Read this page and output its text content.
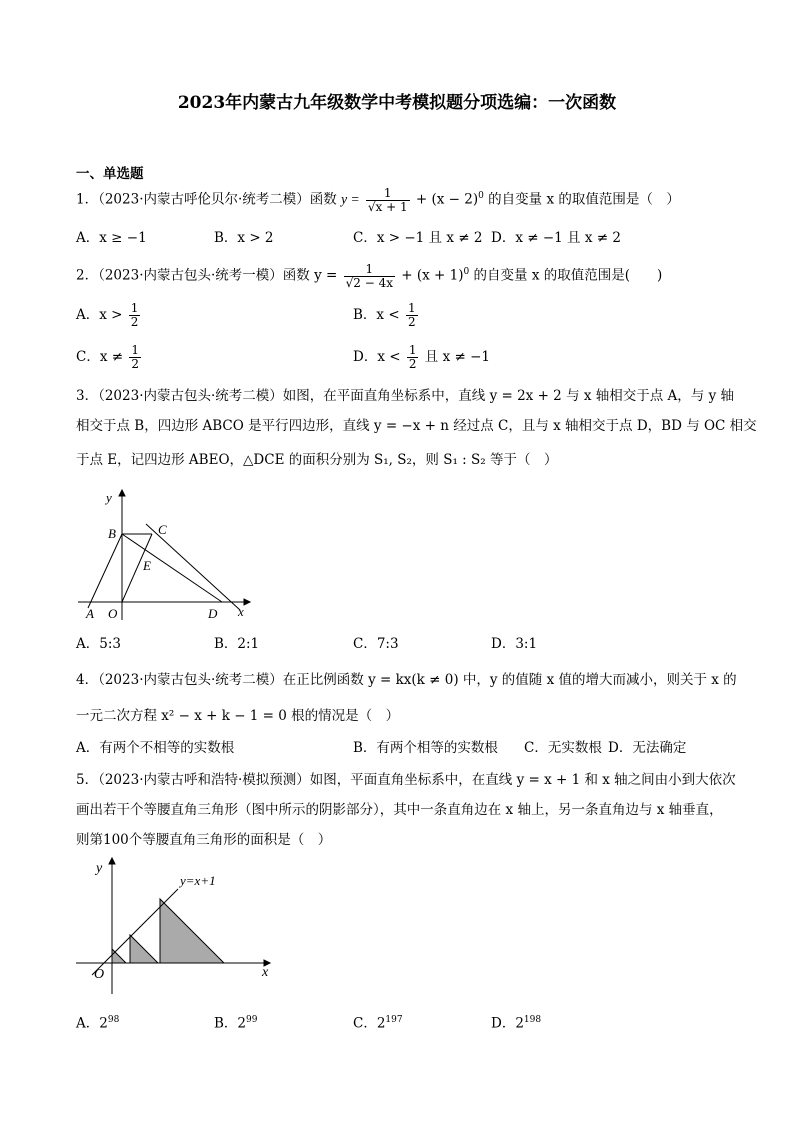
2023年内蒙古九年级数学中考模拟题分项选编：一次函数
一、单选题
1．（2023·内蒙古呼伦贝尔·统考二模）函数 $y = \frac{1}{√x + 1} + (x - 2)^0$ 的自变量 x 的取值范围是（　）
A．x ≥ −1	B．x > 2	C．x > −1 且 x ≠ 2 D．x ≠ −1 且 x ≠ 2
2．（2023·内蒙古包头·统考一模）函数 $y = \frac{1}{√2 - 4x} + (x + 1)^0$ 的自变量 x 的取值范围是(　　)
A．$x > \frac{1}{2}$	B．$x < \frac{1}{2}$
C．$x \ne \frac{1}{2}$	D．$x < \frac{1}{2}$ 且 x ≠ −1
3．（2023·内蒙古包头·统考二模）如图，在平面直角坐标系中，直线 y = 2x + 2 与 x 轴相交于点 A，与 y 轴
相交于点 B，四边形 ABCO 是平行四边形，直线 y = −x + n 经过点 C，且与 x 轴相交于点 D，BD 与 OC 相交
于点 E，记四边形 ABEO，△DCE 的面积分别为 S₁, S₂，则 S₁ : S₂ 等于（　）
y
B	C
E
A O	D x
A．5:3	B．2:1	C．7:3	D．3:1
4．（2023·内蒙古包头·统考二模）在正比例函数 y = kx(k ≠ 0) 中，y 的值随 x 值的增大而减小，则关于 x 的
一元二次方程 x² − x + k − 1 = 0 根的情况是（　）
A．有两个不相等的实数根	B．有两个相等的实数根 C．无实数根 D．无法确定
5．（2023·内蒙古呼和浩特·模拟预测）如图，平面直角坐标系中，在直线 y = x + 1 和 x 轴之间由小到大依次
画出若干个等腰直角三角形（图中所示的阴影部分），其中一条直角边在 x 轴上，另一条直角边与 x 轴垂直，
则第100个等腰直角三角形的面积是（　）
y
y=x+1
O	x
A．$2^{98}$	B．$2^{99}$	C．$2^{197}$	D．$2^{198}$
